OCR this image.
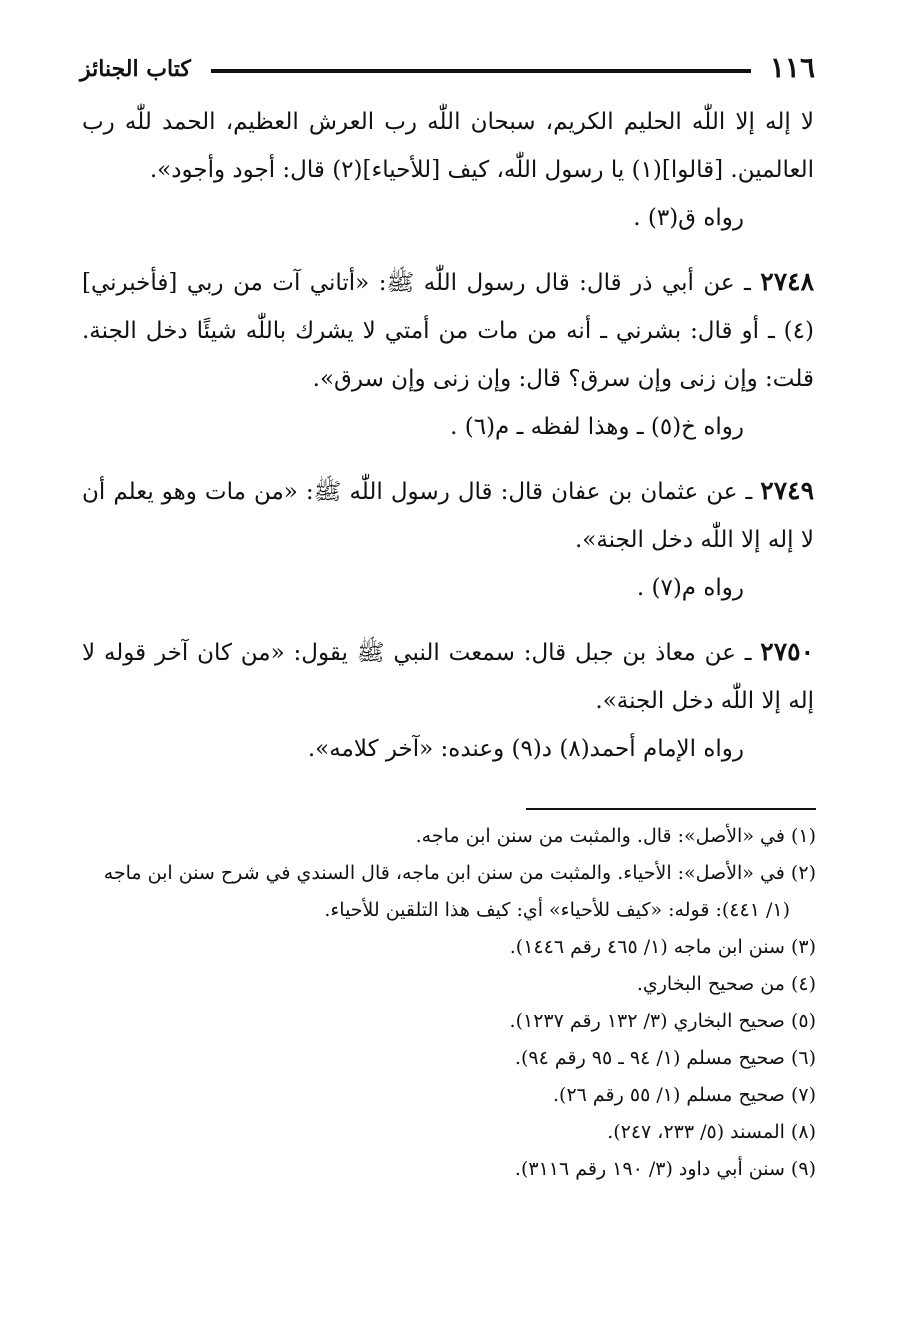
١١٦
كتاب الجنائز

لا إله إلا اللّٰه الحليم الكريم، سبحان اللّٰه رب العرش العظيم، الحمد للّٰه رب العالمين. [قالوا](١) يا رسول اللّٰه، كيف [للأحياء](٢) قال: أجود وأجود».

رواه ق(٣) .

٢٧٤٨ ـ عن أبي ذر قال: قال رسول اللّٰه ﷺ: «أتاني آت من ربي [فأخبرني](٤) ـ أو قال: بشرني ـ أنه من مات من أمتي لا يشرك باللّٰه شيئًا دخل الجنة. قلت: وإن زنى وإن سرق؟ قال: وإن زنى وإن سرق».

رواه خ(٥) ـ وهذا لفظه ـ م(٦) .

٢٧٤٩ ـ عن عثمان بن عفان قال: قال رسول اللّٰه ﷺ: «من مات وهو يعلم أن لا إله إلا اللّٰه دخل الجنة».

رواه م(٧) .

٢٧٥٠ ـ عن معاذ بن جبل قال: سمعت النبي ﷺ يقول: «من كان آخر قوله لا إله إلا اللّٰه دخل الجنة».

رواه الإمام أحمد(٨) د(٩) وعنده: «آخر كلامه».

(١) في «الأصل»: قال. والمثبت من سنن ابن ماجه.
(٢) في «الأصل»: الأحياء. والمثبت من سنن ابن ماجه، قال السندي في شرح سنن ابن ماجه
(١/ ٤٤١): قوله: «كيف للأحياء» أي: كيف هذا التلقين للأحياء.
(٣) سنن ابن ماجه (١/ ٤٦٥ رقم ١٤٤٦).
(٤) من صحيح البخاري.
(٥) صحيح البخاري (٣/ ١٣٢ رقم ١٢٣٧).
(٦) صحيح مسلم (١/ ٩٤ ـ ٩٥ رقم ٩٤).
(٧) صحيح مسلم (١/ ٥٥ رقم ٢٦).
(٨) المسند (٥/ ٢٣٣، ٢٤٧).
(٩) سنن أبي داود (٣/ ١٩٠ رقم ٣١١٦).
